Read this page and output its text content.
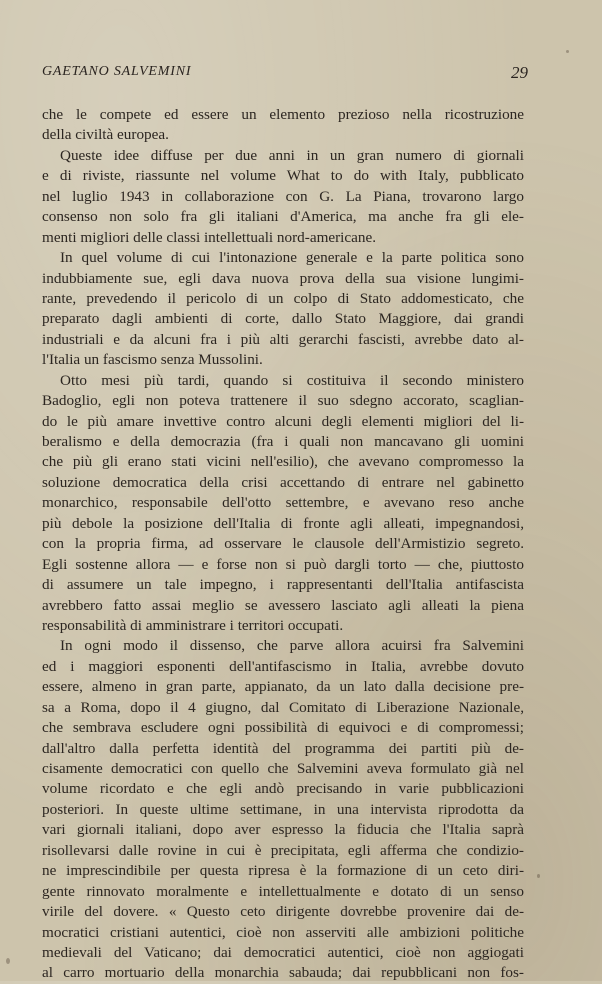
GAETANO SALVEMINI	29
che le compete ed essere un elemento prezioso nella ricostruzione
della civiltà europea.
Queste idee diffuse per due anni in un gran numero di giornali
e di riviste, riassunte nel volume What to do with Italy, pubblicato
nel luglio 1943 in collaborazione con G. La Piana, trovarono largo
consenso non solo fra gli italiani d'America, ma anche fra gli ele-
menti migliori delle classi intellettuali nord-americane.
In quel volume di cui l'intonazione generale e la parte politica sono
indubbiamente sue, egli dava nuova prova della sua visione lungimi-
rante, prevedendo il pericolo di un colpo di Stato addomesticato, che
preparato dagli ambienti di corte, dallo Stato Maggiore, dai grandi
industriali e da alcuni fra i più alti gerarchi fascisti, avrebbe dato al-
l'Italia un fascismo senza Mussolini.
Otto mesi più tardi, quando si costituiva il secondo ministero
Badoglio, egli non poteva trattenere il suo sdegno accorato, scaglian-
do le più amare invettive contro alcuni degli elementi migliori del li-
beralismo e della democrazia (fra i quali non mancavano gli uomini
che più gli erano stati vicini nell'esilio), che avevano compromesso la
soluzione democratica della crisi accettando di entrare nel gabinetto
monarchico, responsabile dell'otto settembre, e avevano reso anche
più debole la posizione dell'Italia di fronte agli alleati, impegnandosi,
con la propria firma, ad osservare le clausole dell'Armistizio segreto.
Egli sostenne allora — e forse non si può dargli torto — che, piuttosto
di assumere un tale impegno, i rappresentanti dell'Italia antifascista
avrebbero fatto assai meglio se avessero lasciato agli alleati la piena
responsabilità di amministrare i territori occupati.
In ogni modo il dissenso, che parve allora acuirsi fra Salvemini
ed i maggiori esponenti dell'antifascismo in Italia, avrebbe dovuto
essere, almeno in gran parte, appianato, da un lato dalla decisione pre-
sa a Roma, dopo il 4 giugno, dal Comitato di Liberazione Nazionale,
che sembrava escludere ogni possibilità di equivoci e di compromessi;
dall'altro dalla perfetta identità del programma dei partiti più de-
cisamente democratici con quello che Salvemini aveva formulato già nel
volume ricordato e che egli andò precisando in varie pubblicazioni
posteriori. In queste ultime settimane, in una intervista riprodotta da
vari giornali italiani, dopo aver espresso la fiducia che l'Italia saprà
risollevarsi dalle rovine in cui è precipitata, egli afferma che condizio-
ne imprescindibile per questa ripresa è la formazione di un ceto diri-
gente rinnovato moralmente e intellettualmente e dotato di un senso
virile del dovere. « Questo ceto dirigente dovrebbe provenire dai de-
mocratici cristiani autentici, cioè non asserviti alle ambizioni politiche
medievali del Vaticano; dai democratici autentici, cioè non aggiogati
al carro mortuario della monarchia sabauda; dai repubblicani non fos-
